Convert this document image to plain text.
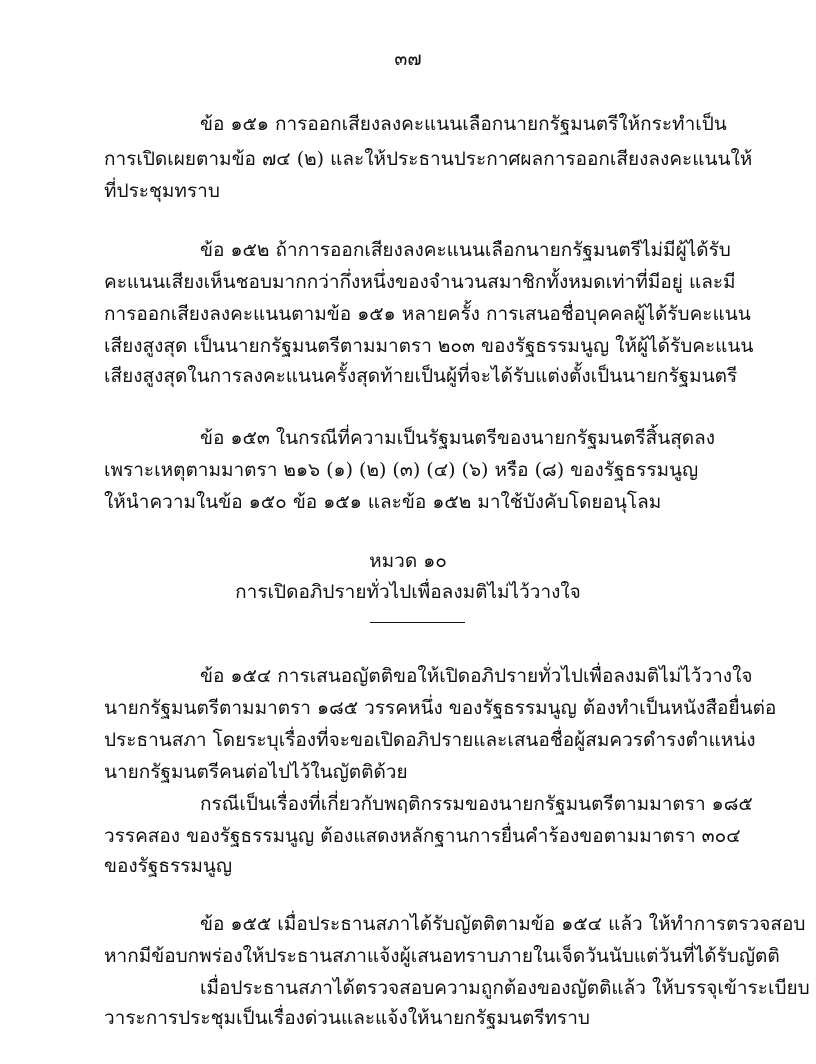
๓๗
ข้อ ๑๕๑ การออกเสียงลงคะแนนเลือกนายกรัฐมนตรีให้กระทำเป็น
การเปิดเผยตามข้อ ๗๔ (๒) และให้ประธานประกาศผลการออกเสียงลงคะแนนให้
ที่ประชุมทราบ
ข้อ ๑๕๒ ถ้าการออกเสียงลงคะแนนเลือกนายกรัฐมนตรีไม่มีผู้ได้รับ
คะแนนเสียงเห็นชอบมากกว่ากึ่งหนึ่งของจำนวนสมาชิกทั้งหมดเท่าที่มีอยู่ และมี
การออกเสียงลงคะแนนตามข้อ ๑๕๑ หลายครั้ง การเสนอชื่อบุคคลผู้ได้รับคะแนน
เสียงสูงสุด เป็นนายกรัฐมนตรีตามมาตรา ๒๐๓ ของรัฐธรรมนูญ ให้ผู้ได้รับคะแนน
เสียงสูงสุดในการลงคะแนนครั้งสุดท้ายเป็นผู้ที่จะได้รับแต่งตั้งเป็นนายกรัฐมนตรี
ข้อ ๑๕๓ ในกรณีที่ความเป็นรัฐมนตรีของนายกรัฐมนตรีสิ้นสุดลง
เพราะเหตุตามมาตรา ๒๑๖ (๑) (๒) (๓) (๔) (๖) หรือ (๘) ของรัฐธรรมนูญ
ให้นำความในข้อ ๑๕๐ ข้อ ๑๕๑ และข้อ ๑๕๒ มาใช้บังคับโดยอนุโลม
หมวด ๑๐
การเปิดอภิปรายทั่วไปเพื่อลงมติไม่ไว้วางใจ
ข้อ ๑๕๔ การเสนอญัตติขอให้เปิดอภิปรายทั่วไปเพื่อลงมติไม่ไว้วางใจ
นายกรัฐมนตรีตามมาตรา ๑๘๕ วรรคหนึ่ง ของรัฐธรรมนูญ ต้องทำเป็นหนังสือยื่นต่อ
ประธานสภา โดยระบุเรื่องที่จะขอเปิดอภิปรายและเสนอชื่อผู้สมควรดำรงตำแหน่ง
นายกรัฐมนตรีคนต่อไปไว้ในญัตติด้วย
กรณีเป็นเรื่องที่เกี่ยวกับพฤติกรรมของนายกรัฐมนตรีตามมาตรา ๑๘๕
วรรคสอง ของรัฐธรรมนูญ ต้องแสดงหลักฐานการยื่นคำร้องขอตามมาตรา ๓๐๔
ของรัฐธรรมนูญ
ข้อ ๑๕๕ เมื่อประธานสภาได้รับญัตติตามข้อ ๑๕๔ แล้ว ให้ทำการตรวจสอบ
หากมีข้อบกพร่องให้ประธานสภาแจ้งผู้เสนอทราบภายในเจ็ดวันนับแต่วันที่ได้รับญัตติ
เมื่อประธานสภาได้ตรวจสอบความถูกต้องของญัตติแล้ว ให้บรรจุเข้าระเบียบ
วาระการประชุมเป็นเรื่องด่วนและแจ้งให้นายกรัฐมนตรีทราบ
